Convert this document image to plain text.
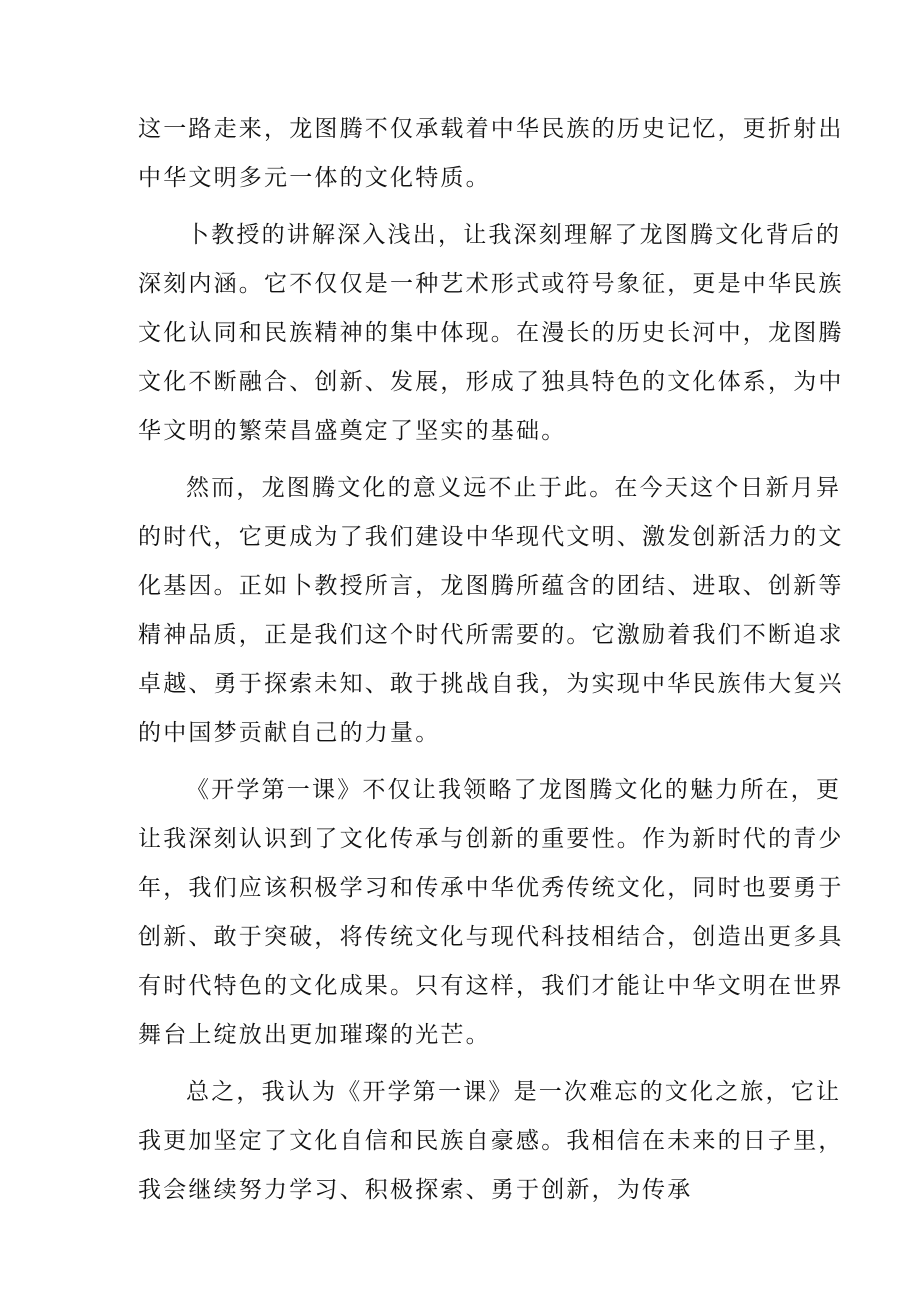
这一路走来，龙图腾不仅承载着中华民族的历史记忆，更折射出
中华文明多元一体的文化特质。
卜教授的讲解深入浅出，让我深刻理解了龙图腾文化背后的
深刻内涵。它不仅仅是一种艺术形式或符号象征，更是中华民族
文化认同和民族精神的集中体现。在漫长的历史长河中，龙图腾
文化不断融合、创新、发展，形成了独具特色的文化体系，为中
华文明的繁荣昌盛奠定了坚实的基础。
然而，龙图腾文化的意义远不止于此。在今天这个日新月异
的时代，它更成为了我们建设中华现代文明、激发创新活力的文
化基因。正如卜教授所言，龙图腾所蕴含的团结、进取、创新等
精神品质，正是我们这个时代所需要的。它激励着我们不断追求
卓越、勇于探索未知、敢于挑战自我，为实现中华民族伟大复兴
的中国梦贡献自己的力量。
《开学第一课》不仅让我领略了龙图腾文化的魅力所在，更
让我深刻认识到了文化传承与创新的重要性。作为新时代的青少
年，我们应该积极学习和传承中华优秀传统文化，同时也要勇于
创新、敢于突破，将传统文化与现代科技相结合，创造出更多具
有时代特色的文化成果。只有这样，我们才能让中华文明在世界
舞台上绽放出更加璀璨的光芒。
总之，我认为《开学第一课》是一次难忘的文化之旅，它让
我更加坚定了文化自信和民族自豪感。我相信在未来的日子里，
我会继续努力学习、积极探索、勇于创新，为传承
